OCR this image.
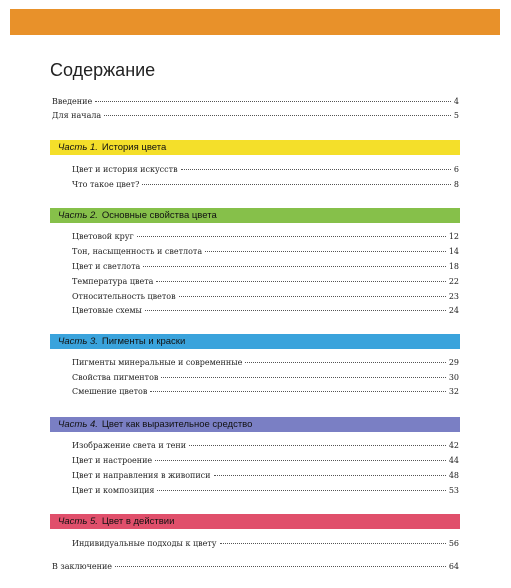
Содержание
Введение	4
Для начала	5
Часть 1. История цвета
Цвет и история искусств	6
Что такое цвет?	8
Часть 2. Основные свойства цвета
Цветовой круг	12
Тон, насыщенность и светлота	14
Цвет и светлота	18
Температура цвета	22
Относительность цветов	23
Цветовые схемы	24
Часть 3. Пигменты и краски
Пигменты минеральные и современные	29
Свойства пигментов	30
Смешение цветов	32
Часть 4. Цвет как выразительное средство
Изображение света и тени	42
Цвет и настроение	44
Цвет и направления в живописи	48
Цвет и композиция	53
Часть 5. Цвет в действии
Индивидуальные подходы к цвету	56
В заключение	64
